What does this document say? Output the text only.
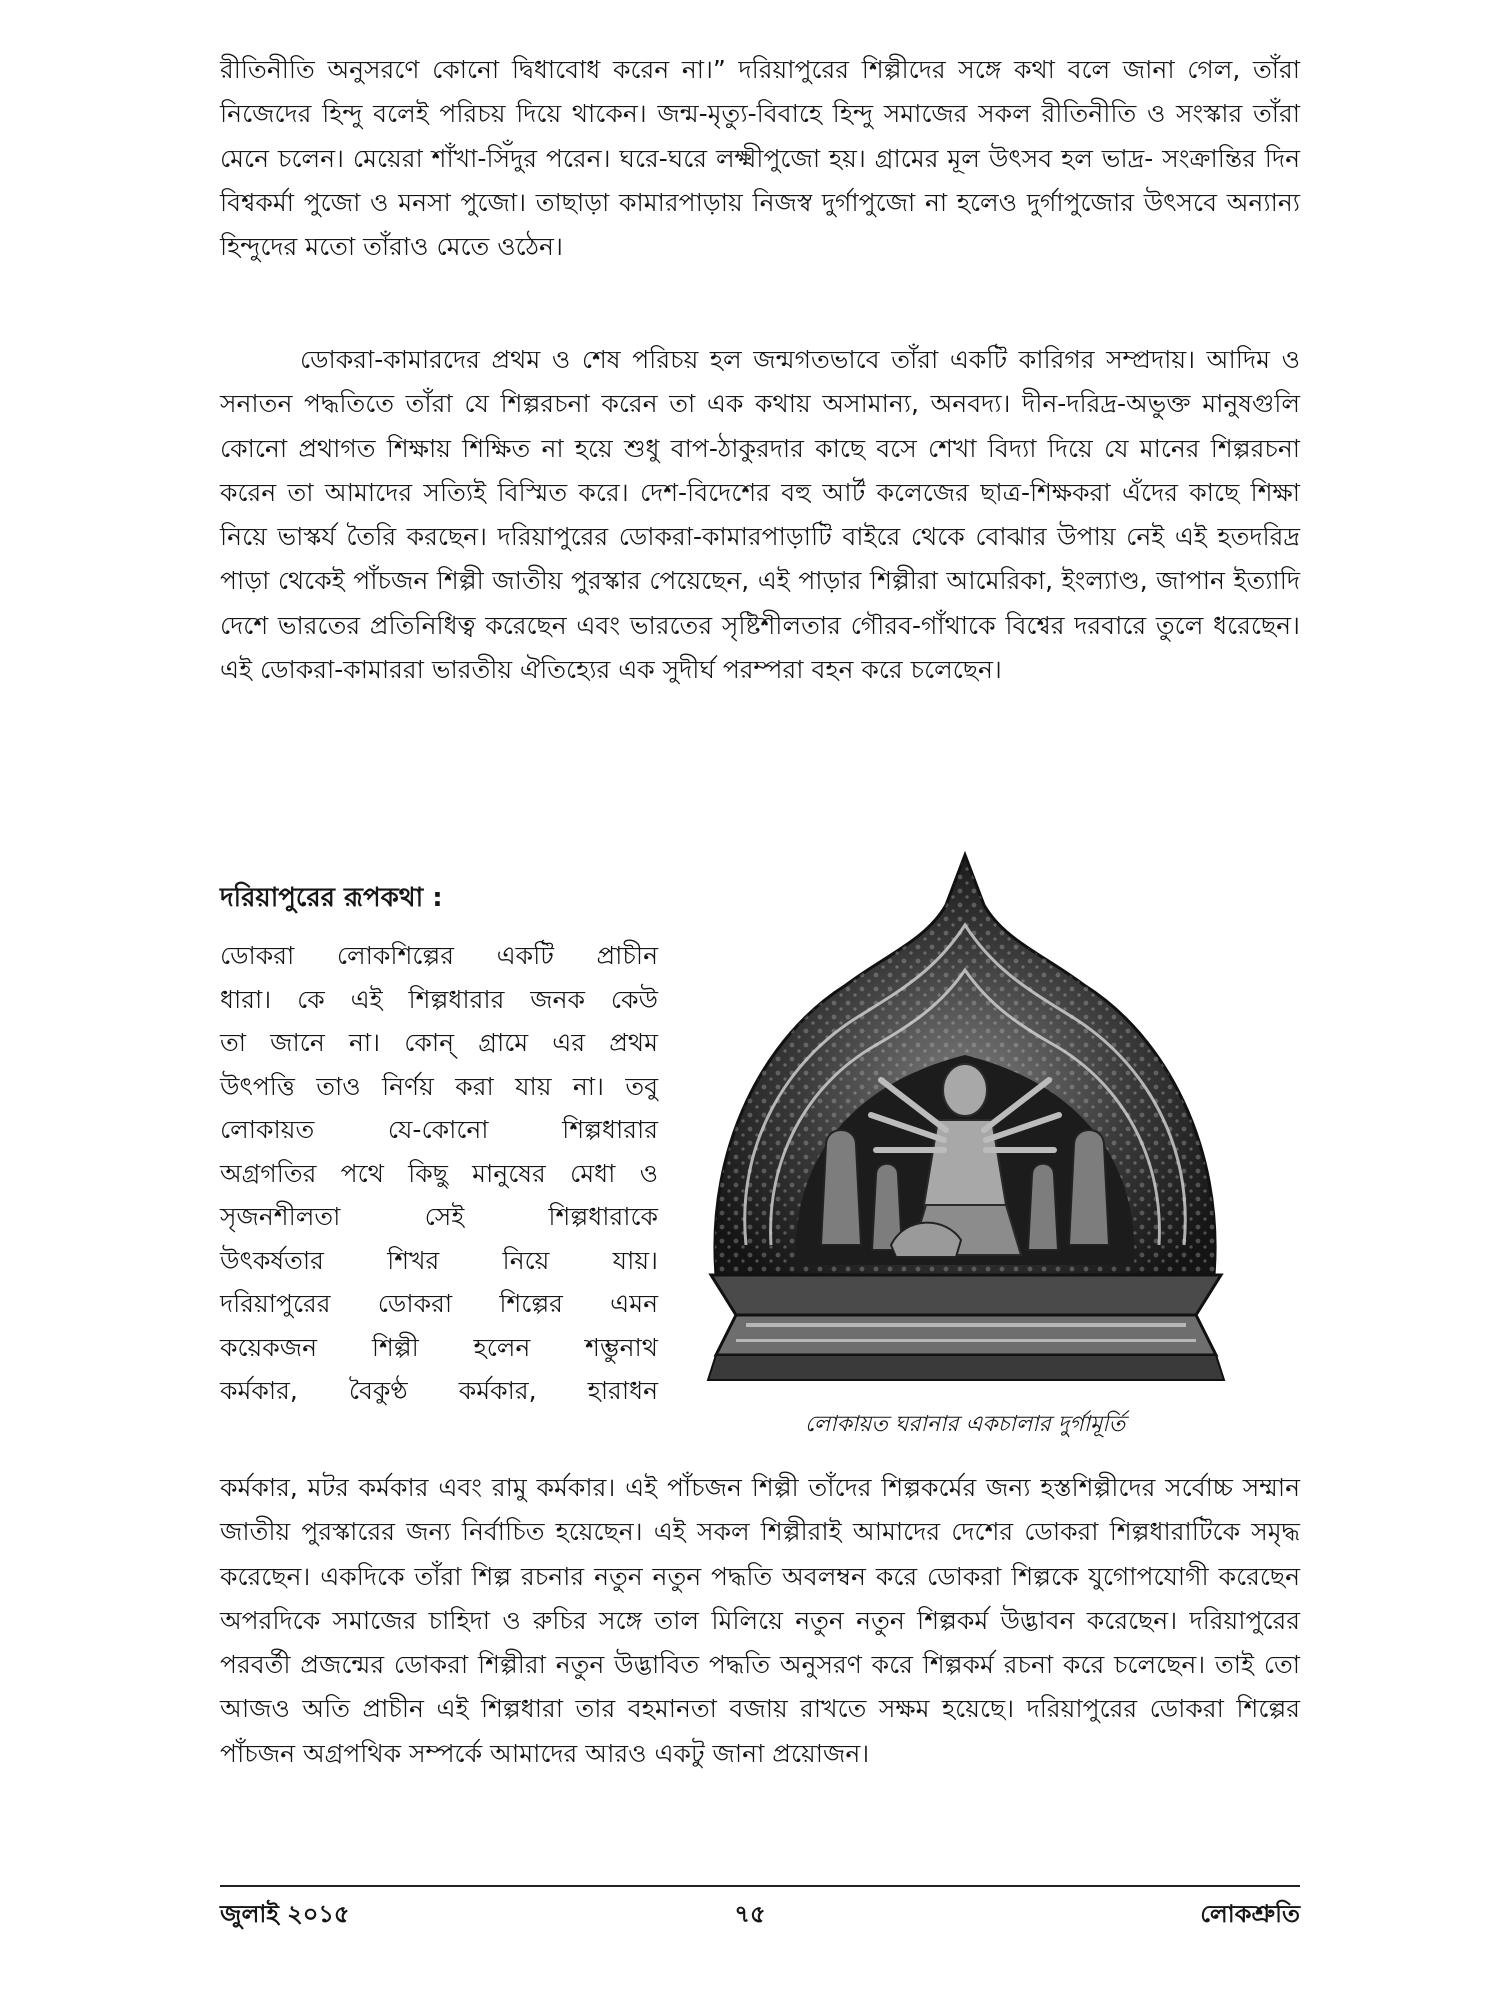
রীতিনীতি অনুসরণে কোনো দ্বিধাবোধ করেন না।” দরিয়াপুরের শিল্পীদের সঙ্গে কথা বলে জানা গেল, তাঁরা নিজেদের হিন্দু বলেই পরিচয় দিয়ে থাকেন। জন্ম-মৃত্যু-বিবাহে হিন্দু সমাজের সকল রীতিনীতি ও সংস্কার তাঁরা মেনে চলেন। মেয়েরা শাঁখা-সিঁদুর পরেন। ঘরে-ঘরে লক্ষ্মীপুজো হয়। গ্রামের মূল উৎসব হল ভাদ্র- সংক্রান্তির দিন বিশ্বকর্মা পুজো ও মনসা পুজো। তাছাড়া কামারপাড়ায় নিজস্ব দুর্গাপুজো না হলেও দুর্গাপুজোর উৎসবে অন্যান্য হিন্দুদের মতো তাঁরাও মেতে ওঠেন।

ডোকরা-কামারদের প্রথম ও শেষ পরিচয় হল জন্মগতভাবে তাঁরা একটি কারিগর সম্প্রদায়। আদিম ও সনাতন পদ্ধতিতে তাঁরা যে শিল্পরচনা করেন তা এক কথায় অসামান্য, অনবদ্য। দীন-দরিদ্র-অভুক্ত মানুষগুলি কোনো প্রথাগত শিক্ষায় শিক্ষিত না হয়ে শুধু বাপ-ঠাকুরদার কাছে বসে শেখা বিদ্যা দিয়ে যে মানের শিল্পরচনা করেন তা আমাদের সত্যিই বিস্মিত করে। দেশ-বিদেশের বহু আর্ট কলেজের ছাত্র-শিক্ষকরা এঁদের কাছে শিক্ষা নিয়ে ভাস্কর্য তৈরি করছেন। দরিয়াপুরের ডোকরা-কামারপাড়াটি বাইরে থেকে বোঝার উপায় নেই এই হতদরিদ্র পাড়া থেকেই পাঁচজন শিল্পী জাতীয় পুরস্কার পেয়েছেন, এই পাড়ার শিল্পীরা আমেরিকা, ইংল্যাণ্ড, জাপান ইত্যাদি দেশে ভারতের প্রতিনিধিত্ব করেছেন এবং ভারতের সৃষ্টিশীলতার গৌরব-গাঁথাকে বিশ্বের দরবারে তুলে ধরেছেন। এই ডোকরা-কামাররা ভারতীয় ঐতিহ্যের এক সুদীর্ঘ পরম্পরা বহন করে চলেছেন।

দরিয়াপুরের রূপকথা :
ডোকরা লোকশিল্পের একটি প্রাচীন
ধারা। কে এই শিল্পধারার জনক কেউ
তা জানে না। কোন্ গ্রামে এর প্রথম
উৎপত্তি তাও নির্ণয় করা যায় না। তবু
লোকায়ত যে-কোনো শিল্পধারার
অগ্রগতির পথে কিছু মানুষের মেধা ও
সৃজনশীলতা সেই শিল্পধারাকে
উৎকর্ষতার শিখর নিয়ে যায়।
দরিয়াপুরের ডোকরা শিল্পের এমন
কয়েকজন শিল্পী হলেন শম্ভুনাথ
কর্মকার, বৈকুণ্ঠ কর্মকার, হারাধন
লোকায়ত ঘরানার একচালার দুর্গামূর্তি

কর্মকার, মটর কর্মকার এবং রামু কর্মকার। এই পাঁচজন শিল্পী তাঁদের শিল্পকর্মের জন্য হস্তশিল্পীদের সর্বোচ্চ সম্মান জাতীয় পুরস্কারের জন্য নির্বাচিত হয়েছেন। এই সকল শিল্পীরাই আমাদের দেশের ডোকরা শিল্পধারাটিকে সমৃদ্ধ করেছেন। একদিকে তাঁরা শিল্প রচনার নতুন নতুন পদ্ধতি অবলম্বন করে ডোকরা শিল্পকে যুগোপযোগী করেছেন অপরদিকে সমাজের চাহিদা ও রুচির সঙ্গে তাল মিলিয়ে নতুন নতুন শিল্পকর্ম উদ্ভাবন করেছেন। দরিয়াপুরের পরবর্তী প্রজন্মের ডোকরা শিল্পীরা নতুন উদ্ভাবিত পদ্ধতি অনুসরণ করে শিল্পকর্ম রচনা করে চলেছেন। তাই তো আজও অতি প্রাচীন এই শিল্পধারা তার বহমানতা বজায় রাখতে সক্ষম হয়েছে। দরিয়াপুরের ডোকরা শিল্পের পাঁচজন অগ্রপথিক সম্পর্কে আমাদের আরও একটু জানা প্রয়োজন।

জুলাই ২০১৫	৭৫	লোকশ্রুতি
